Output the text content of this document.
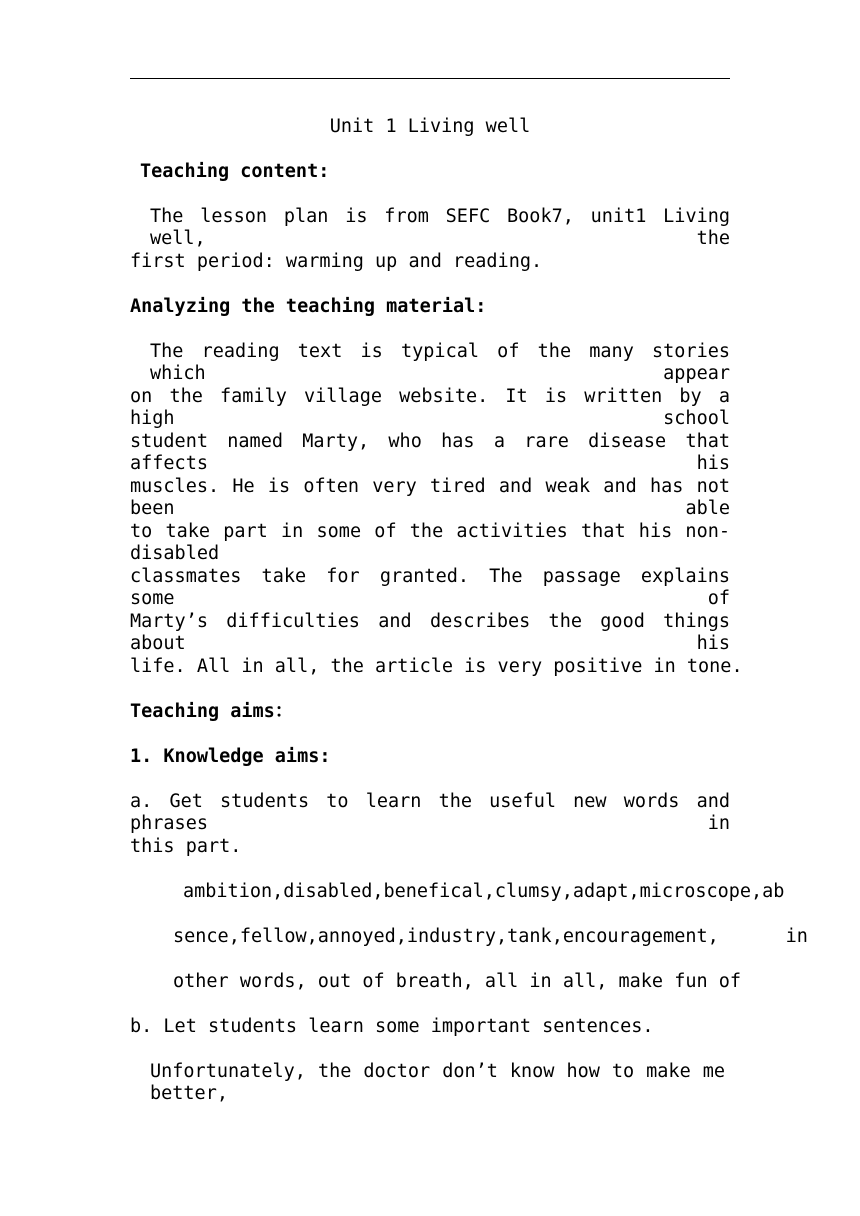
Unit 1 Living well
Teaching content:
The lesson plan is from SEFC Book7, unit1 Living well, the
first period: warming up and reading.
Analyzing the teaching material:
The reading text is typical of the many stories which appear
on the family village website. It is written by a high school
student named Marty, who has a rare disease that affects his
muscles. He is often very tired and weak and has not been able
to take part in some of the activities that his non-disabled
classmates take for granted. The passage explains some of
Marty’s difficulties and describes the good things about his
life. All in all, the article is very positive in tone.
Teaching aims：
1. Knowledge aims:
a. Get students to learn the useful new words and phrases in
this part.
ambition,disabled,benefical,clumsy,adapt,microscope,ab
sence,fellow,annoyed,industry,tank,encouragement,      in
other words, out of breath, all in all, make fun of
b. Let students learn some important sentences.
Unfortunately, the doctor don’t know how to make me better,
